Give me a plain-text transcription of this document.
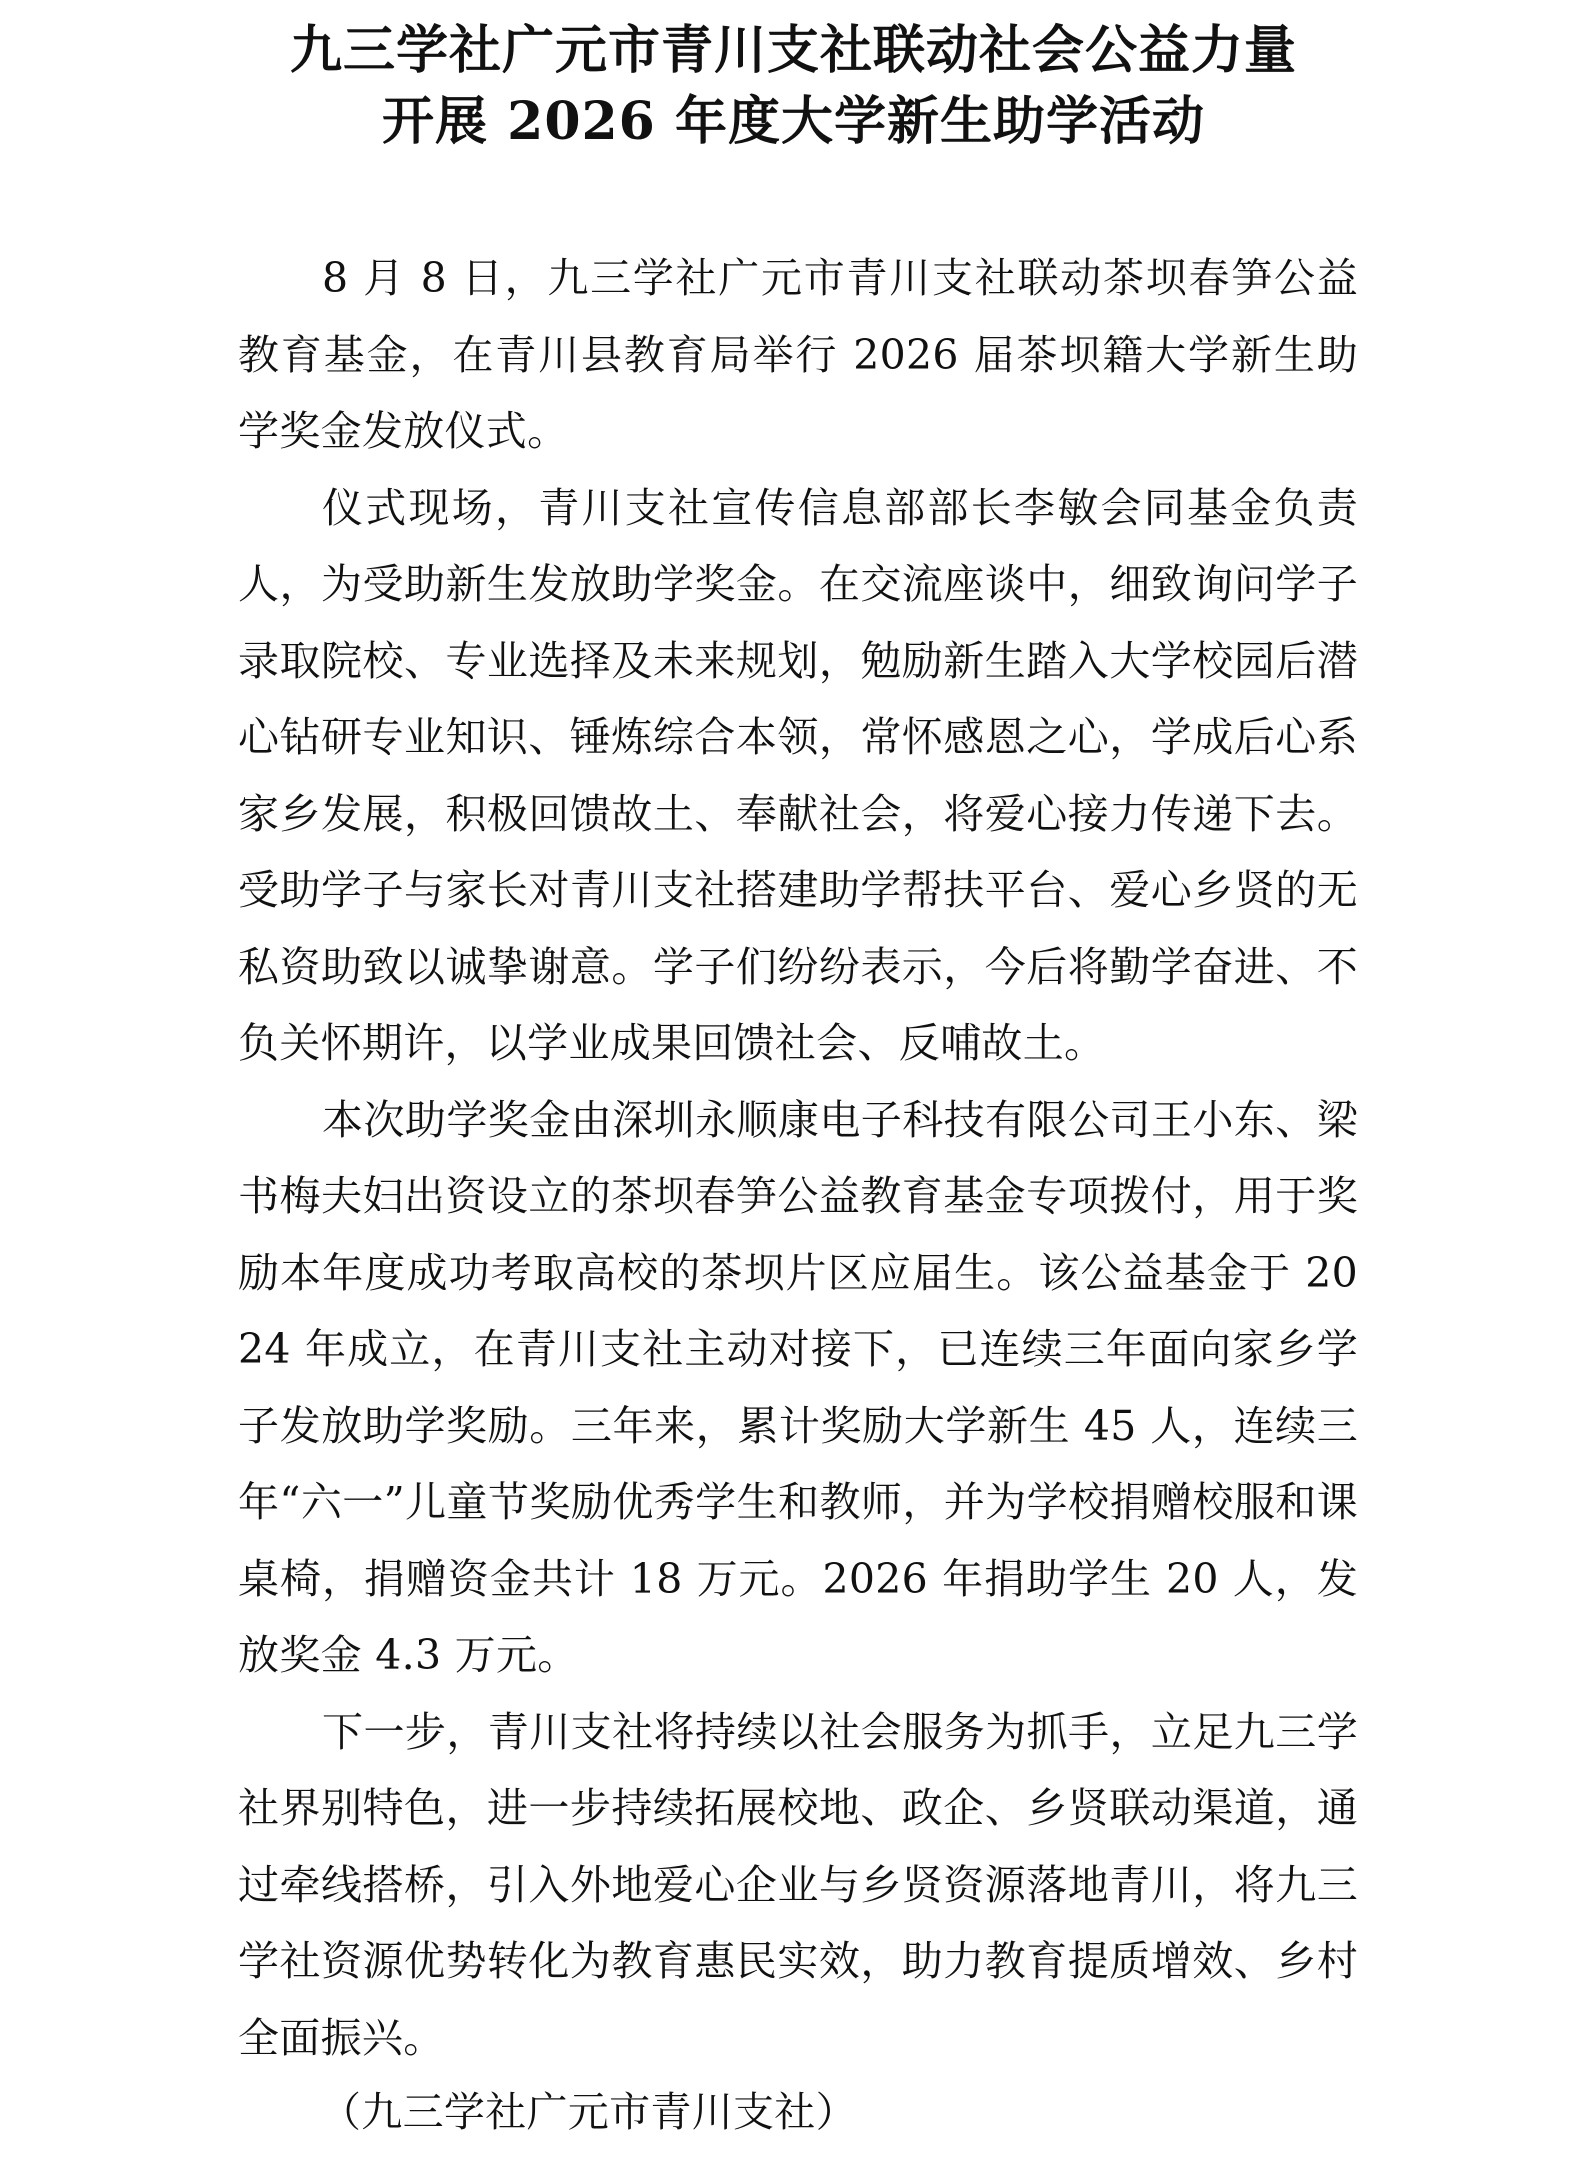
九三学社广元市青川支社联动社会公益力量
开展 2026 年度大学新生助学活动

8 月 8 日，九三学社广元市青川支社联动茶坝春笋公益教育基金，在青川县教育局举行 2026 届茶坝籍大学新生助学奖金发放仪式。

仪式现场，青川支社宣传信息部部长李敏会同基金负责人，为受助新生发放助学奖金。在交流座谈中，细致询问学子录取院校、专业选择及未来规划，勉励新生踏入大学校园后潜心钻研专业知识、锤炼综合本领，常怀感恩之心，学成后心系家乡发展，积极回馈故土、奉献社会，将爱心接力传递下去。受助学子与家长对青川支社搭建助学帮扶平台、爱心乡贤的无私资助致以诚挚谢意。学子们纷纷表示，今后将勤学奋进、不负关怀期许，以学业成果回馈社会、反哺故土。

本次助学奖金由深圳永顺康电子科技有限公司王小东、梁书梅夫妇出资设立的茶坝春笋公益教育基金专项拨付，用于奖励本年度成功考取高校的茶坝片区应届生。该公益基金于 2024 年成立，在青川支社主动对接下，已连续三年面向家乡学子发放助学奖励。三年来，累计奖励大学新生 45 人，连续三年“六一”儿童节奖励优秀学生和教师，并为学校捐赠校服和课桌椅，捐赠资金共计 18 万元。2026 年捐助学生 20 人，发放奖金 4.3 万元。

下一步，青川支社将持续以社会服务为抓手，立足九三学社界别特色，进一步持续拓展校地、政企、乡贤联动渠道，通过牵线搭桥，引入外地爱心企业与乡贤资源落地青川，将九三学社资源优势转化为教育惠民实效，助力教育提质增效、乡村全面振兴。

（九三学社广元市青川支社）
